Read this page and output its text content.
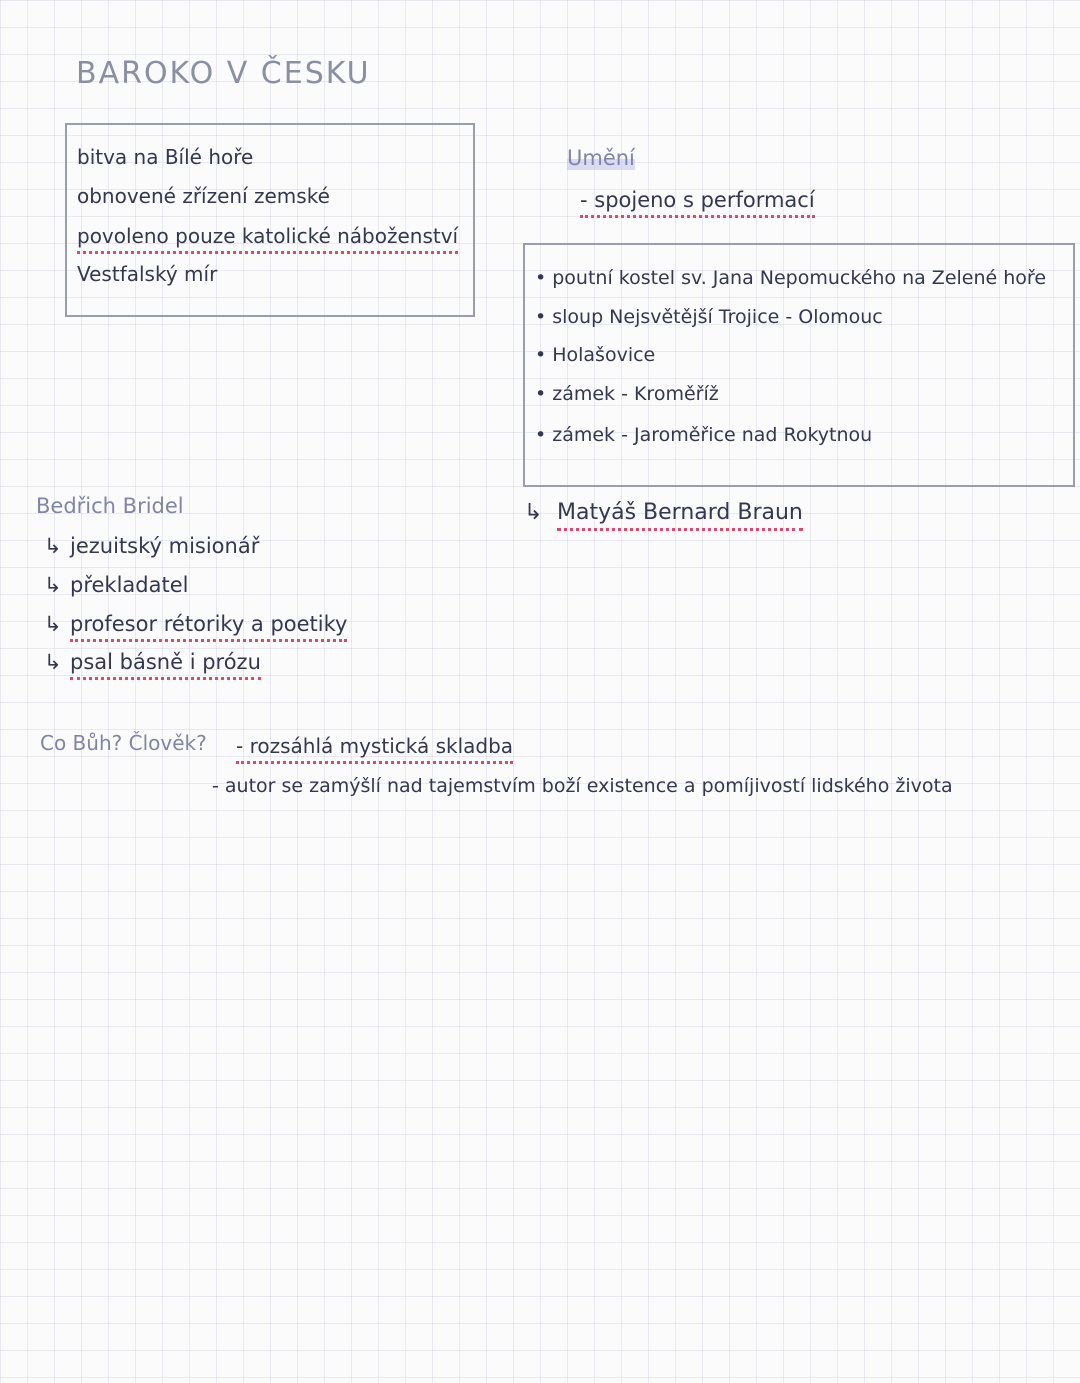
BAROKO V ČESKU
bitva na Bílé hoře
obnovené zřízení zemské
povoleno pouze katolické náboženství
Vestfalský mír
Umění
- spojeno s performací
• poutní kostel sv. Jana Nepomuckého na Zelené hoře
• sloup Nejsvětější Trojice - Olomouc
• Holašovice
• zámek - Kroměříž
• zámek - Jaroměřice nad Rokytnou
↳ Matyáš Bernard Braun
Bedřich Bridel
↳ jezuitský misionář
↳ překladatel
↳ profesor rétoriky a poetiky
↳ psal básně i prózu
Co Bůh? Člověk? - rozsáhlá mystická skladba
- autor se zamýšlí nad tajemstvím boží existence a pomíjivostí lidského života
